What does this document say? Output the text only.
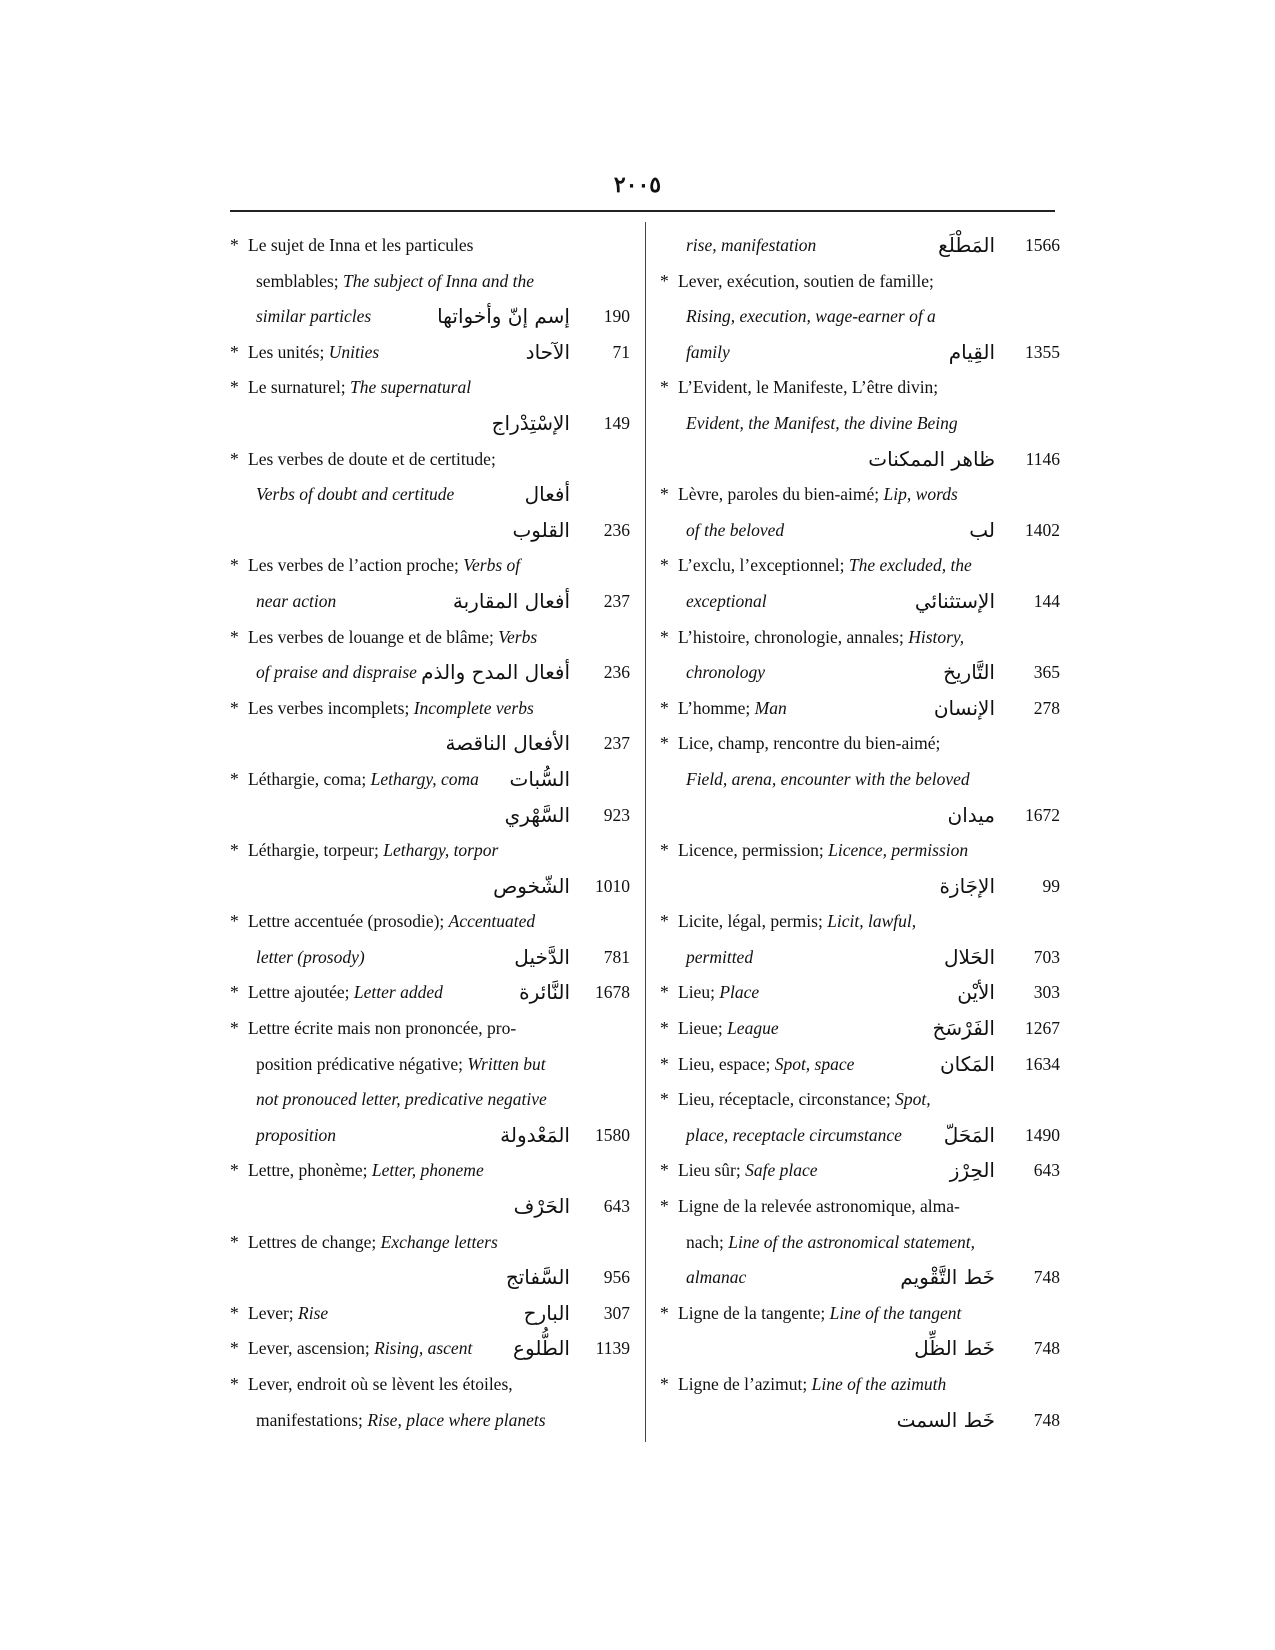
٢٠٠٥
* Le sujet de Inna et les particules
semblables; The subject of Inna and the
similar particles	إسم إنّ وأخواتها	190
* Les unités; Unities	الآحاد	71
* Le surnaturel; The supernatural
الإسْتِدْراج	149
* Les verbes de doute et de certitude;
Verbs of doubt and certitude	أفعال
القلوب	236
* Les verbes de l’action proche; Verbs of
near action	أفعال المقاربة	237
* Les verbes de louange et de blâme; Verbs
of praise and dispraise أفعال المدح والذم	236
* Les verbes incomplets; Incomplete verbs
الأفعال الناقصة	237
* Léthargie, coma; Lethargy, coma السُّبات
السَّهْري	923
* Léthargie, torpeur; Lethargy, torpor
الشّخوص	1010
* Lettre accentuée (prosodie); Accentuated
letter (prosody)	الدَّخيل	781
* Lettre ajoutée; Letter added	النَّائرة	1678
* Lettre écrite mais non prononcée, pro-
position prédicative négative; Written but
not pronouced letter, predicative negative
proposition	المَعْدولة	1580
* Lettre, phonème; Letter, phoneme
الحَرْف	643
* Lettres de change; Exchange letters
السَّفاتج	956
* Lever; Rise	البارح	307
* Lever, ascension; Rising, ascent الطُّلوع	1139
* Lever, endroit où se lèvent les étoiles,
manifestations; Rise, place where planets
rise, manifestation	المَطْلَع	1566
* Lever, exécution, soutien de famille;
Rising, execution, wage-earner of a
family	القِيام	1355
* L’Evident, le Manifeste, L’être divin;
Evident, the Manifest, the divine Being
ظاهر الممكنات	1146
* Lèvre, paroles du bien-aimé; Lip, words
of the beloved	لب	1402
* L’exclu, l’exceptionnel; The excluded, the
exceptional	الإستثنائي	144
* L’histoire, chronologie, annales; History,
chronology	التَّاريخ	365
* L’homme; Man	الإنسان	278
* Lice, champ, rencontre du bien-aimé;
Field, arena, encounter with the beloved
ميدان	1672
* Licence, permission; Licence, permission
الإجَازة	99
* Licite, légal, permis; Licit, lawful,
permitted	الحَلال	703
* Lieu; Place	الأيْن	303
* Lieue; League	الفَرْسَخ	1267
* Lieu, espace; Spot, space	المَكان	1634
* Lieu, réceptacle, circonstance; Spot,
place, receptacle circumstance المَحَلّ	1490
* Lieu sûr; Safe place	الحِرْز	643
* Ligne de la relevée astronomique, alma-
nach; Line of the astronomical statement,
almanac	خَط التَّقْويم	748
* Ligne de la tangente; Line of the tangent
خَط الظِّل	748
* Ligne de l’azimut; Line of the azimuth
خَط السمت	748
